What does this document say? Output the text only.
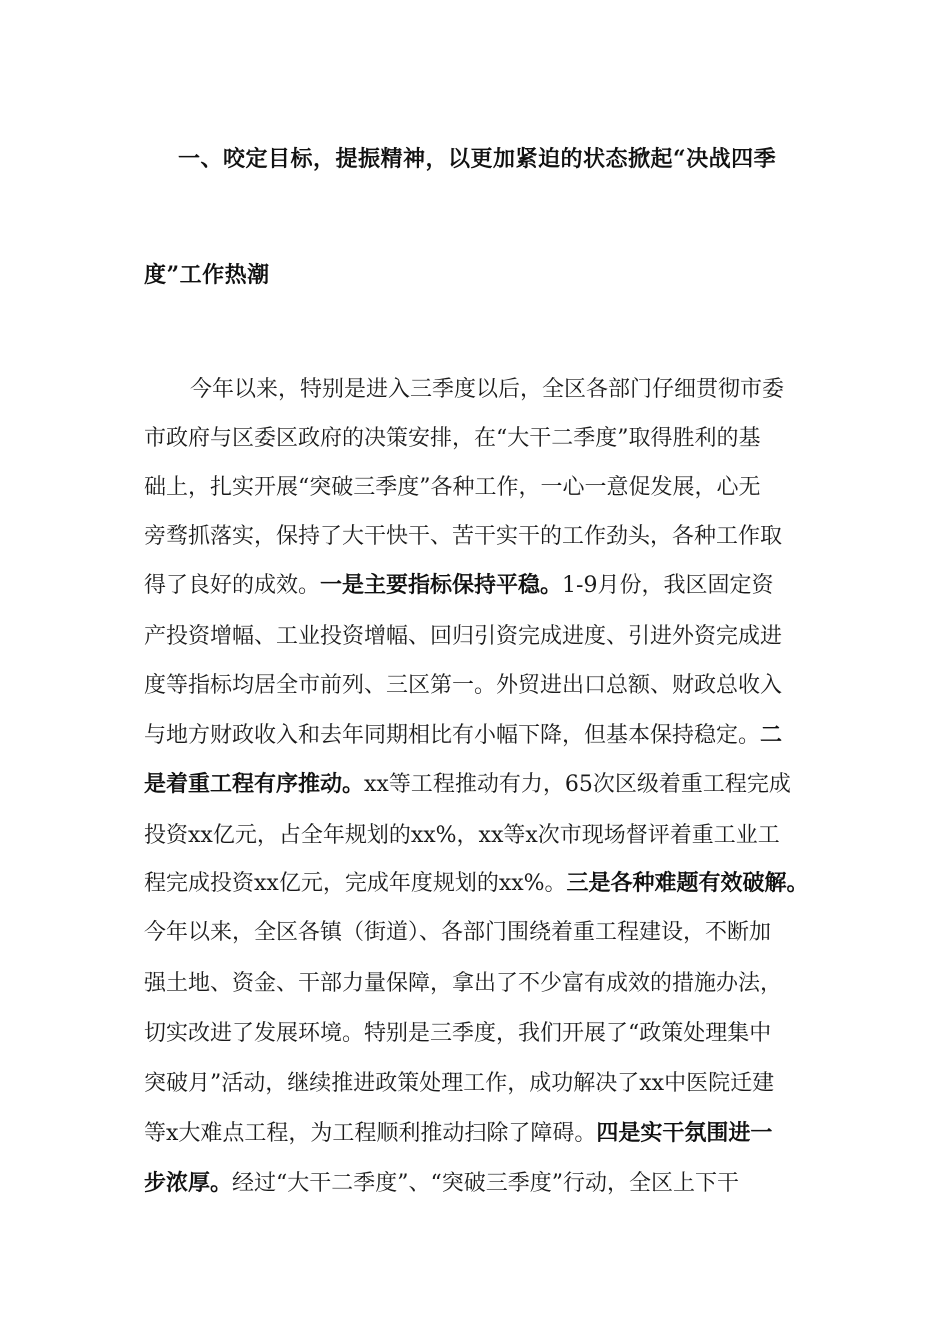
一、咬定目标，提振精神，以更加紧迫的状态掀起“决战四季
度”工作热潮
今年以来，特别是进入三季度以后，全区各部门仔细贯彻市委
市政府与区委区政府的决策安排，在“大干二季度”取得胜利的基
础上，扎实开展“突破三季度”各种工作，一心一意促发展，心无
旁骛抓落实，保持了大干快干、苦干实干的工作劲头，各种工作取
得了良好的成效。一是主要指标保持平稳。1-9月份，我区固定资
产投资增幅、工业投资增幅、回归引资完成进度、引进外资完成进
度等指标均居全市前列、三区第一。外贸进出口总额、财政总收入
与地方财政收入和去年同期相比有小幅下降，但基本保持稳定。二
是着重工程有序推动。xx等工程推动有力，65次区级着重工程完成
投资xx亿元，占全年规划的xx%，xx等x次市现场督评着重工业工
程完成投资xx亿元，完成年度规划的xx%。三是各种难题有效破解。
今年以来，全区各镇（街道）、各部门围绕着重工程建设，不断加
强土地、资金、干部力量保障，拿出了不少富有成效的措施办法，
切实改进了发展环境。特别是三季度，我们开展了“政策处理集中
突破月”活动，继续推进政策处理工作，成功解决了xx中医院迁建
等x大难点工程，为工程顺利推动扫除了障碍。四是实干氛围进一
步浓厚。经过“大干二季度”、“突破三季度”行动，全区上下干
